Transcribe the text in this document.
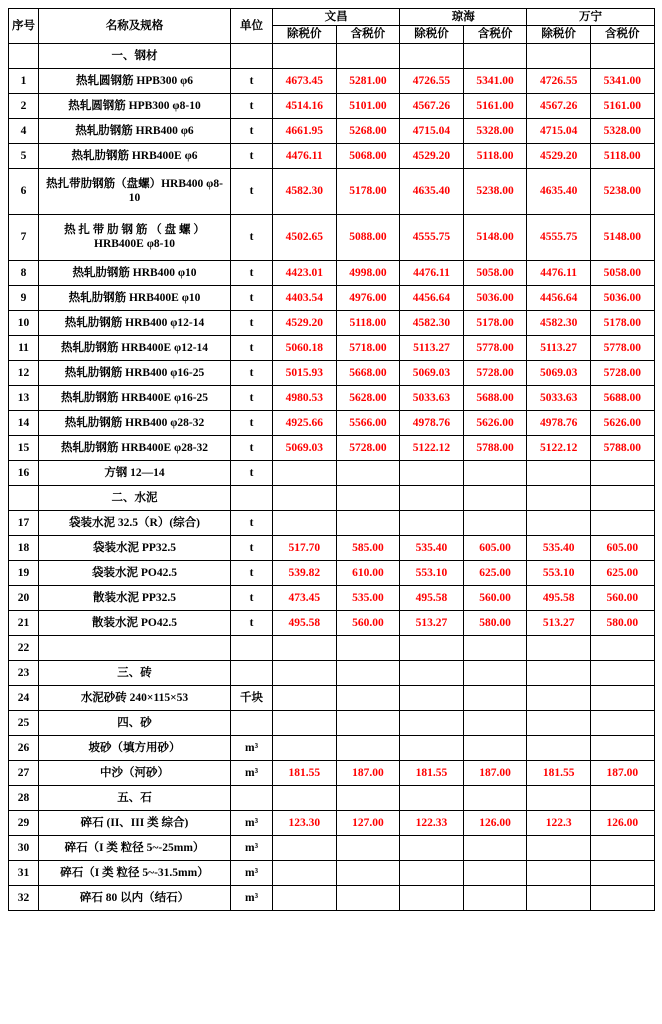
序号	名称及规格	单位	文昌		琼海		万宁	
			除税价	含税价	除税价	含税价	除税价	含税价
	一、钢材							
1	热轧圆钢筋 HPB300 φ6	t	4673.45	5281.00	4726.55	5341.00	4726.55	5341.00
2	热轧圆钢筋 HPB300 φ8-10	t	4514.16	5101.00	4567.26	5161.00	4567.26	5161.00
4	热轧肋钢筋 HRB400 φ6	t	4661.95	5268.00	4715.04	5328.00	4715.04	5328.00
5	热轧肋钢筋 HRB400E φ6	t	4476.11	5068.00	4529.20	5118.00	4529.20	5118.00
6	热扎带肋钢筋（盘螺）HRB400 φ8-10	t	4582.30	5178.00	4635.40	5238.00	4635.40	5238.00
7	热 扎 带 肋 钢 筋 （ 盘 螺 ） HRB400E φ8-10	t	4502.65	5088.00	4555.75	5148.00	4555.75	5148.00
8	热轧肋钢筋 HRB400 φ10	t	4423.01	4998.00	4476.11	5058.00	4476.11	5058.00
9	热轧肋钢筋 HRB400E φ10	t	4403.54	4976.00	4456.64	5036.00	4456.64	5036.00
10	热轧肋钢筋 HRB400 φ12-14	t	4529.20	5118.00	4582.30	5178.00	4582.30	5178.00
11	热轧肋钢筋 HRB400E φ12-14	t	5060.18	5718.00	5113.27	5778.00	5113.27	5778.00
12	热轧肋钢筋 HRB400 φ16-25	t	5015.93	5668.00	5069.03	5728.00	5069.03	5728.00
13	热轧肋钢筋 HRB400E φ16-25	t	4980.53	5628.00	5033.63	5688.00	5033.63	5688.00
14	热轧肋钢筋 HRB400 φ28-32	t	4925.66	5566.00	4978.76	5626.00	4978.76	5626.00
15	热轧肋钢筋 HRB400E φ28-32	t	5069.03	5728.00	5122.12	5788.00	5122.12	5788.00
16	方钢 12—14	t						
	二、水泥							
17	袋装水泥 32.5（R）(综合)	t						
18	袋装水泥 PP32.5	t	517.70	585.00	535.40	605.00	535.40	605.00
19	袋装水泥 PO42.5	t	539.82	610.00	553.10	625.00	553.10	625.00
20	散装水泥 PP32.5	t	473.45	535.00	495.58	560.00	495.58	560.00
21	散装水泥 PO42.5	t	495.58	560.00	513.27	580.00	513.27	580.00
22								
23	三、砖							
24	水泥砂砖 240×115×53	千块						
25	四、砂							
26	坡砂（填方用砂）	m³						
27	中沙（河砂）	m³	181.55	187.00	181.55	187.00	181.55	187.00
28	五、石							
29	碎石 (II、III 类 综合)	m³	123.30	127.00	122.33	126.00	122.3	126.00
30	碎石（I 类 粒径 5~-25mm）	m³						
31	碎石（I 类 粒径 5~-31.5mm）	m³						
32	碎石 80 以内（结石）	m³						
